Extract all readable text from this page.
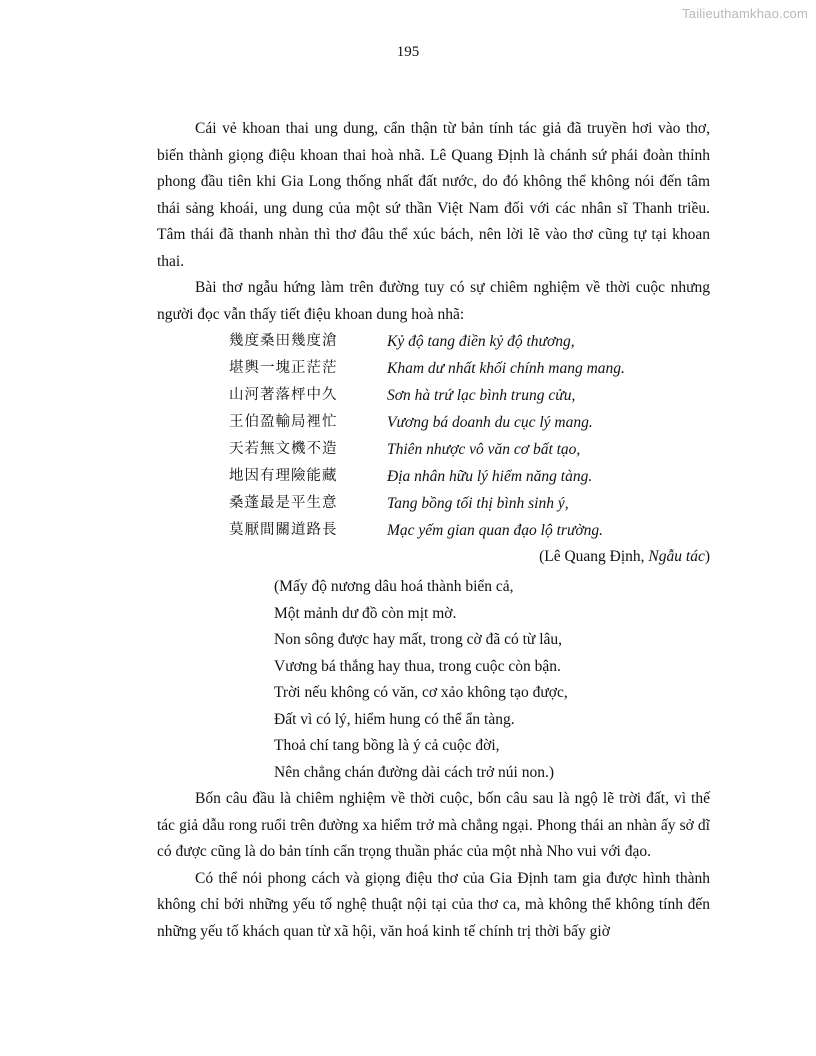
Tailieuthamkhao.com
195

Cái vẻ khoan thai ung dung, cẩn thận từ bản tính tác giả đã truyền hơi vào thơ, biến thành giọng điệu khoan thai hoà nhã. Lê Quang Định là chánh sứ phái đoàn thỉnh phong đầu tiên khi Gia Long thống nhất đất nước, do đó không thể không nói đến tâm thái sảng khoái, ung dung của một sứ thần Việt Nam đối với các nhân sĩ Thanh triều. Tâm thái đã thanh nhàn thì thơ đâu thể xúc bách, nên lời lẽ vào thơ cũng tự tại khoan thai.

Bài thơ ngẫu hứng làm trên đường tuy có sự chiêm nghiệm về thời cuộc nhưng người đọc vẫn thấy tiết điệu khoan dung hoà nhã:

幾度桑田幾度滄	Kỷ độ tang điền kỷ độ thương,
堪輿一塊正茫茫	Kham dư nhất khối chính mang mang.
山河著落枰中久	Sơn hà trứ lạc bình trung cửu,
王伯盈輸局裡忙	Vương bá doanh du cục lý mang.
天若無文機不造	Thiên nhược vô văn cơ bất tạo,
地因有理險能藏	Địa nhân hữu lý hiểm năng tàng.
桑蓬最是平生意	Tang bồng tối thị bình sinh ý,
莫厭間關道路長	Mạc yếm gian quan đạo lộ trường.
(Lê Quang Định, Ngẫu tác)
(Mấy độ nương dâu hoá thành biển cả,
Một mảnh dư đồ còn mịt mờ.
Non sông được hay mất, trong cờ đã có từ lâu,
Vương bá thắng hay thua, trong cuộc còn bận.
Trời nếu không có văn, cơ xảo không tạo được,
Đất vì có lý, hiểm hung có thể ẩn tàng.
Thoả chí tang bồng là ý cả cuộc đời,
Nên chẳng chán đường dài cách trở núi non.)

Bốn câu đầu là chiêm nghiệm về thời cuộc, bốn câu sau là ngộ lẽ trời đất, vì thế tác giả dẫu rong ruổi trên đường xa hiểm trở mà chẳng ngại. Phong thái an nhàn ấy sở dĩ có được cũng là do bản tính cẩn trọng thuần phác của một nhà Nho vui với đạo.

Có thể nói phong cách và giọng điệu thơ của Gia Định tam gia được hình thành không chỉ bởi những yếu tố nghệ thuật nội tại của thơ ca, mà không thể không tính đến những yếu tố khách quan từ xã hội, văn hoá kinh tế chính trị thời bấy giờ
